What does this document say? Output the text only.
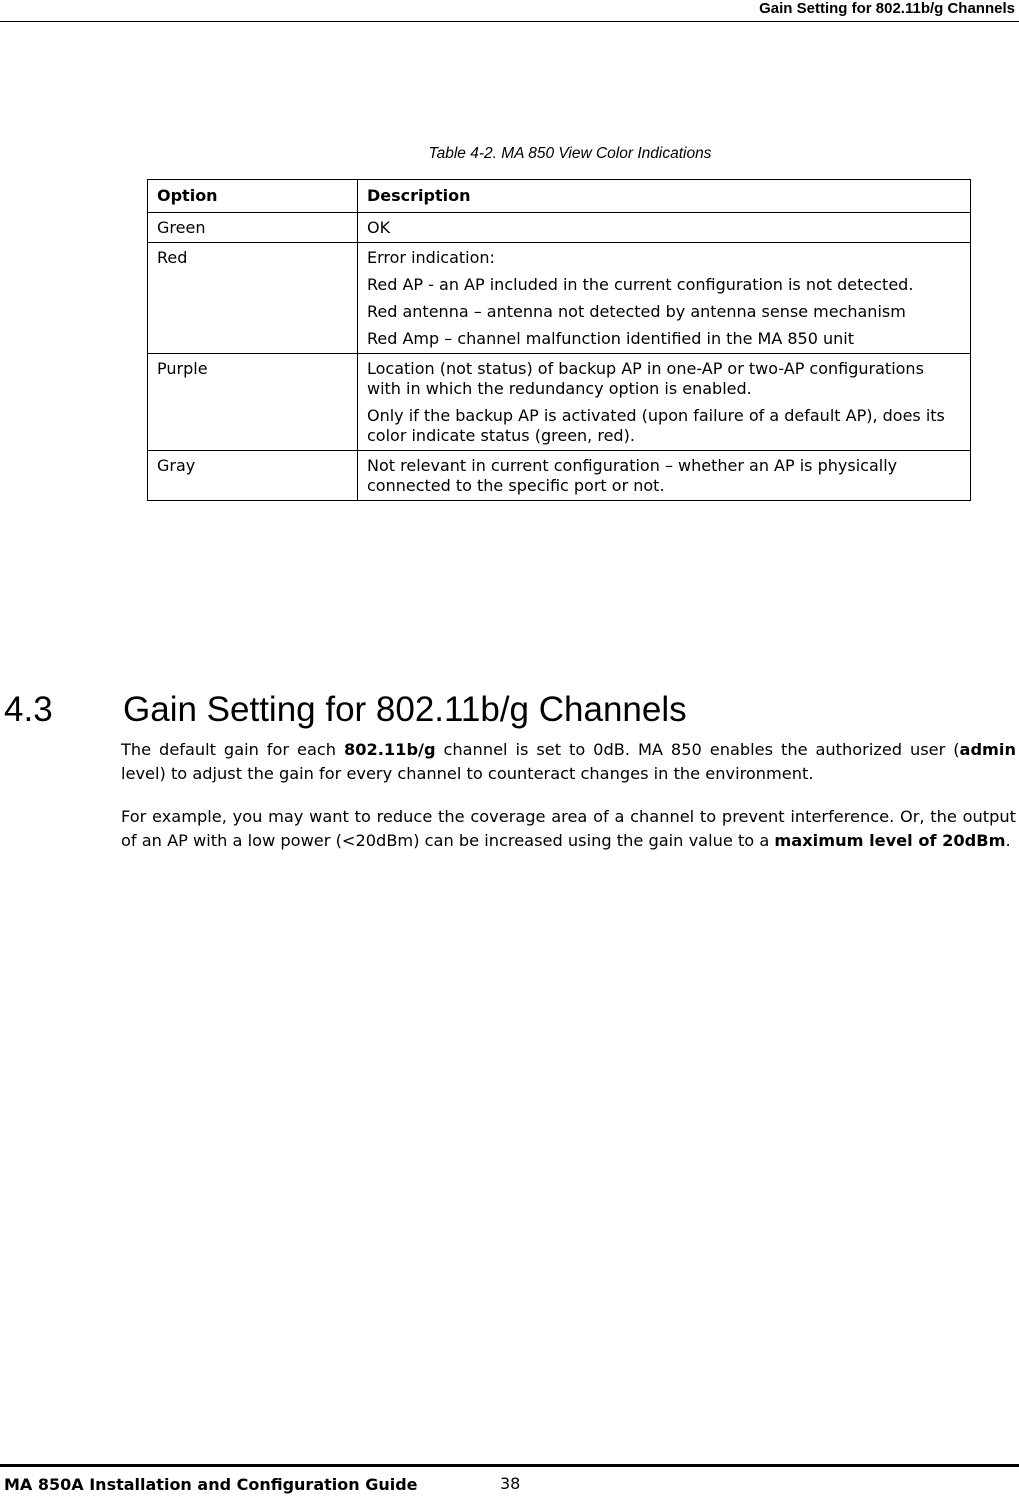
Gain Setting for 802.11b/g Channels
Table 4-2. MA 850 View Color Indications
Option	Description
Green	OK

Red	Error indication:

Red AP - an AP included in the current configuration is not detected.

Red antenna – antenna not detected by antenna sense mechanism

Red Amp – channel malfunction identified in the MA 850 unit

Purple	Location (not status) of backup AP in one-AP or two-AP configurations with in which the redundancy option is enabled.

Only if the backup AP is activated (upon failure of a default AP), does its color indicate status (green, red).

Gray	Not relevant in current configuration – whether an AP is physically connected to the specific port or not.

4.3 Gain Setting for 802.11b/g Channels

The default gain for each 802.11b/g channel is set to 0dB. MA 850 enables the authorized user (admin level) to adjust the gain for every channel to counteract changes in the environment.

For example, you may want to reduce the coverage area of a channel to prevent interference. Or, the output of an AP with a low power (<20dBm) can be increased using the gain value to a maximum level of 20dBm.

MA 850A Installation and Configuration Guide	38
